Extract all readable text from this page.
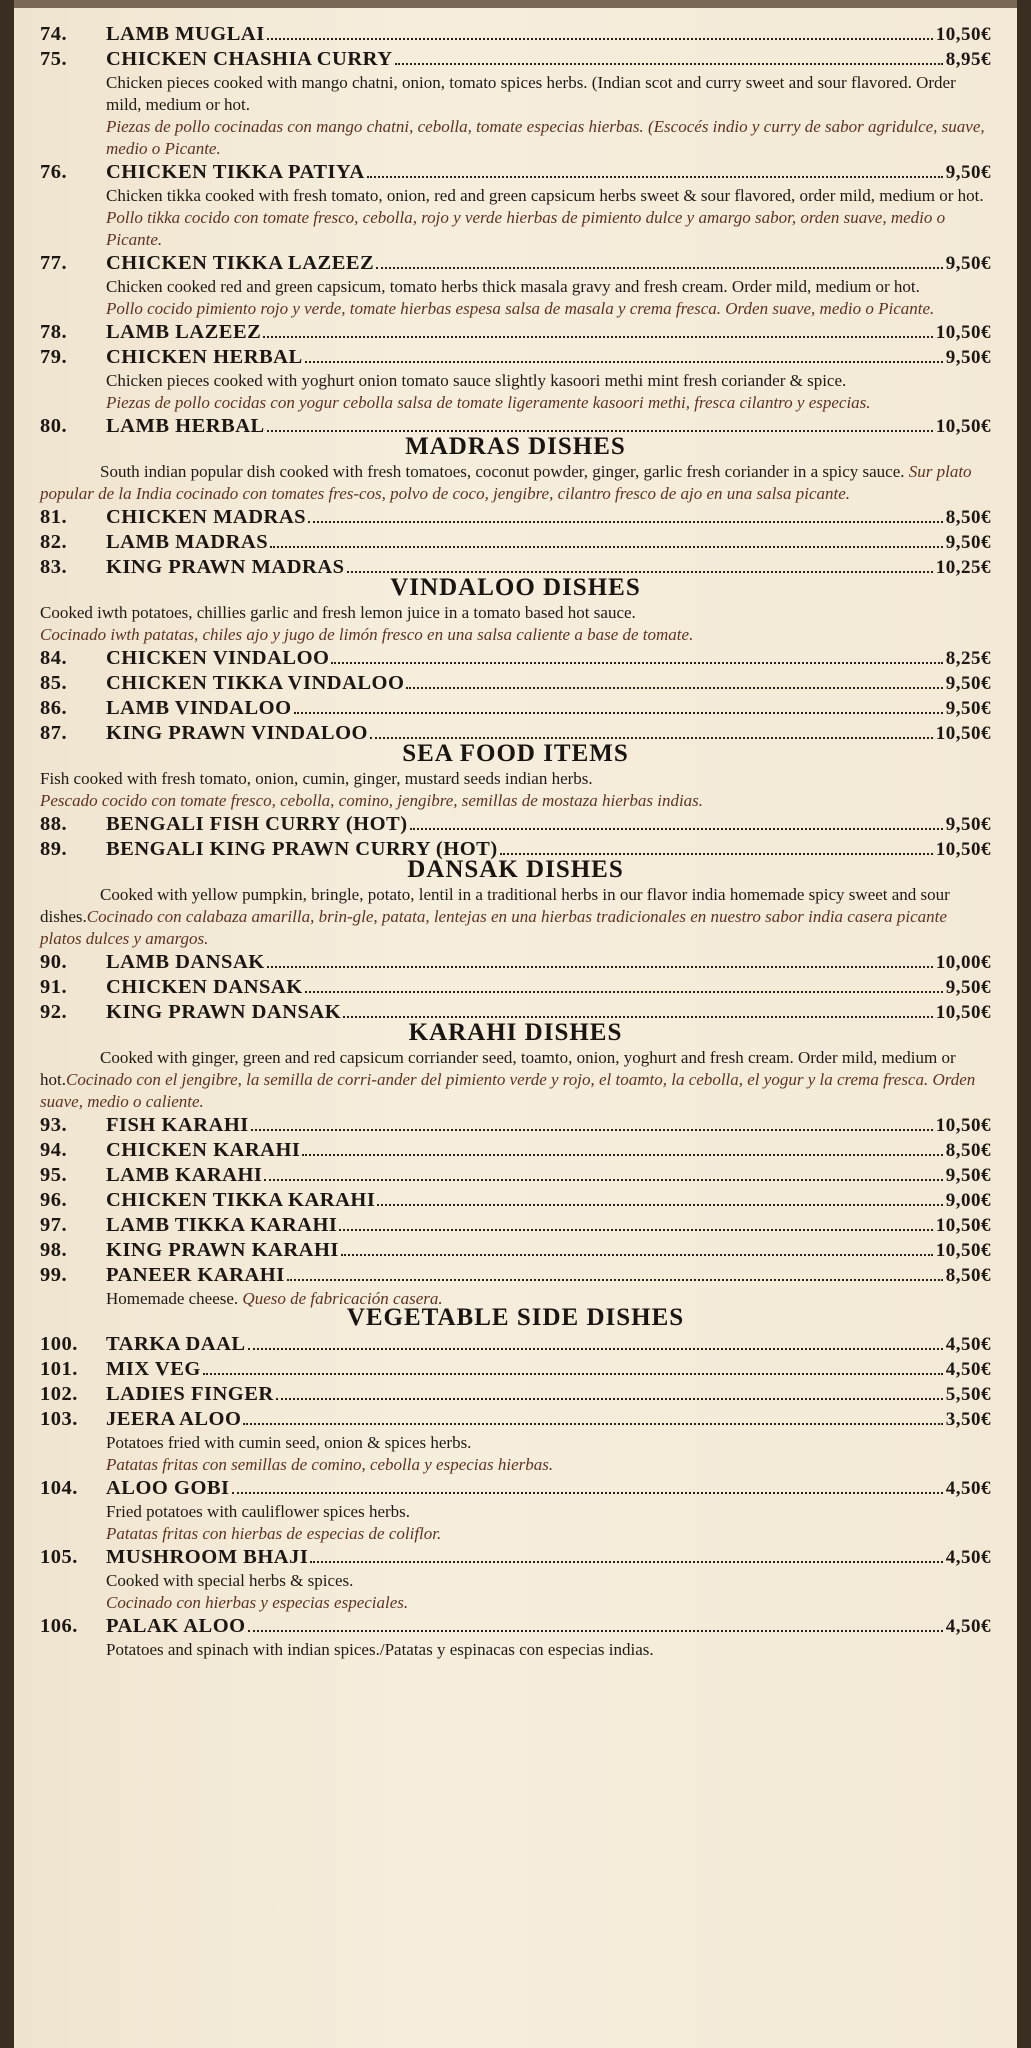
74.	LAMB MUGLAI	10,50€
75.	CHICKEN CHASHIA CURRY	8,95€
Chicken pieces cooked with mango chatni, onion, tomato spices herbs. (Indian scot and curry sweet and sour flavored. Order mild, medium or hot.
Piezas de pollo cocinadas con mango chatni, cebolla, tomate especias hierbas. (Escocés indio y curry de sabor agridulce, suave, medio o Picante.
76.	CHICKEN TIKKA PATIYA	9,50€
Chicken tikka cooked with fresh tomato, onion, red and green capsicum herbs sweet & sour flavored, order mild, medium or hot.
Pollo tikka cocido con tomate fresco, cebolla, rojo y verde hierbas de pimiento dulce y amargo sabor, orden suave, medio o Picante.
77.	CHICKEN TIKKA LAZEEZ	9,50€
Chicken cooked red and green capsicum, tomato herbs thick masala gravy and fresh cream. Order mild, medium or hot.
Pollo cocido pimiento rojo y verde, tomate hierbas espesa salsa de masala y crema fresca. Orden suave, medio o Picante.
78.	LAMB LAZEEZ	10,50€
79.	CHICKEN HERBAL	9,50€
Chicken pieces cooked with yoghurt onion tomato sauce slightly kasoori methi mint fresh coriander & spice.
Piezas de pollo cocidas con yogur cebolla salsa de tomate ligeramente kasoori methi, fresca cilantro y especias.
80.	LAMB HERBAL	10,50€
MADRAS DISHES
South indian popular dish cooked with fresh tomatoes, coconut powder, ginger, garlic fresh coriander in a spicy sauce. Sur plato popular de la India cocinado con tomates fres-cos, polvo de coco, jengibre, cilantro fresco de ajo en una salsa picante.
81.	CHICKEN MADRAS	8,50€
82.	LAMB MADRAS	9,50€
83.	KING PRAWN MADRAS	10,25€
VINDALOO DISHES
Cooked iwth potatoes, chillies garlic and fresh lemon juice in a tomato based hot sauce.
Cocinado iwth patatas, chiles ajo y jugo de limón fresco en una salsa caliente a base de tomate.
84.	CHICKEN VINDALOO	8,25€
85.	CHICKEN TIKKA VINDALOO	9,50€
86.	LAMB VINDALOO	9,50€
87.	KING PRAWN VINDALOO	10,50€
SEA FOOD ITEMS
Fish cooked with fresh tomato, onion, cumin, ginger, mustard seeds indian herbs.
Pescado cocido con tomate fresco, cebolla, comino, jengibre, semillas de mostaza hierbas indias.
88.	BENGALI FISH CURRY (HOT)	9,50€
89.	BENGALI KING PRAWN CURRY (HOT)	10,50€
DANSAK DISHES
Cooked with yellow pumpkin, bringle, potato, lentil in a traditional herbs in our flavor india homemade spicy sweet and sour dishes.Cocinado con calabaza amarilla, brin-gle, patata, lentejas en una hierbas tradicionales en nuestro sabor india casera picante platos dulces y amargos.
90.	LAMB DANSAK	10,00€
91.	CHICKEN DANSAK	9,50€
92.	KING PRAWN DANSAK	10,50€
KARAHI DISHES
Cooked with ginger, green and red capsicum corriander seed, toamto, onion, yoghurt and fresh cream. Order mild, medium or hot.Cocinado con el jengibre, la semilla de corri-ander del pimiento verde y rojo, el toamto, la cebolla, el yogur y la crema fresca. Orden suave, medio o caliente.
93.	FISH KARAHI	10,50€
94.	CHICKEN KARAHI	8,50€
95.	LAMB KARAHI	9,50€
96.	CHICKEN TIKKA KARAHI	9,00€
97.	LAMB TIKKA KARAHI	10,50€
98.	KING PRAWN KARAHI	10,50€
99.	PANEER KARAHI	8,50€
Homemade cheese. Queso de fabricación casera.
VEGETABLE SIDE DISHES
100.	TARKA DAAL	4,50€
101.	MIX VEG	4,50€
102.	LADIES FINGER	5,50€
103.	JEERA ALOO	3,50€
Potatoes fried with cumin seed, onion & spices herbs.
Patatas fritas con semillas de comino, cebolla y especias hierbas.
104.	ALOO GOBI	4,50€
Fried potatoes with cauliflower spices herbs.
Patatas fritas con hierbas de especias de coliflor.
105.	MUSHROOM BHAJI	4,50€
Cooked with special herbs & spices.
Cocinado con hierbas y especias especiales.
106.	PALAK ALOO	4,50€
Potatoes and spinach with indian spices./Patatas y espinacas con especias indias.
